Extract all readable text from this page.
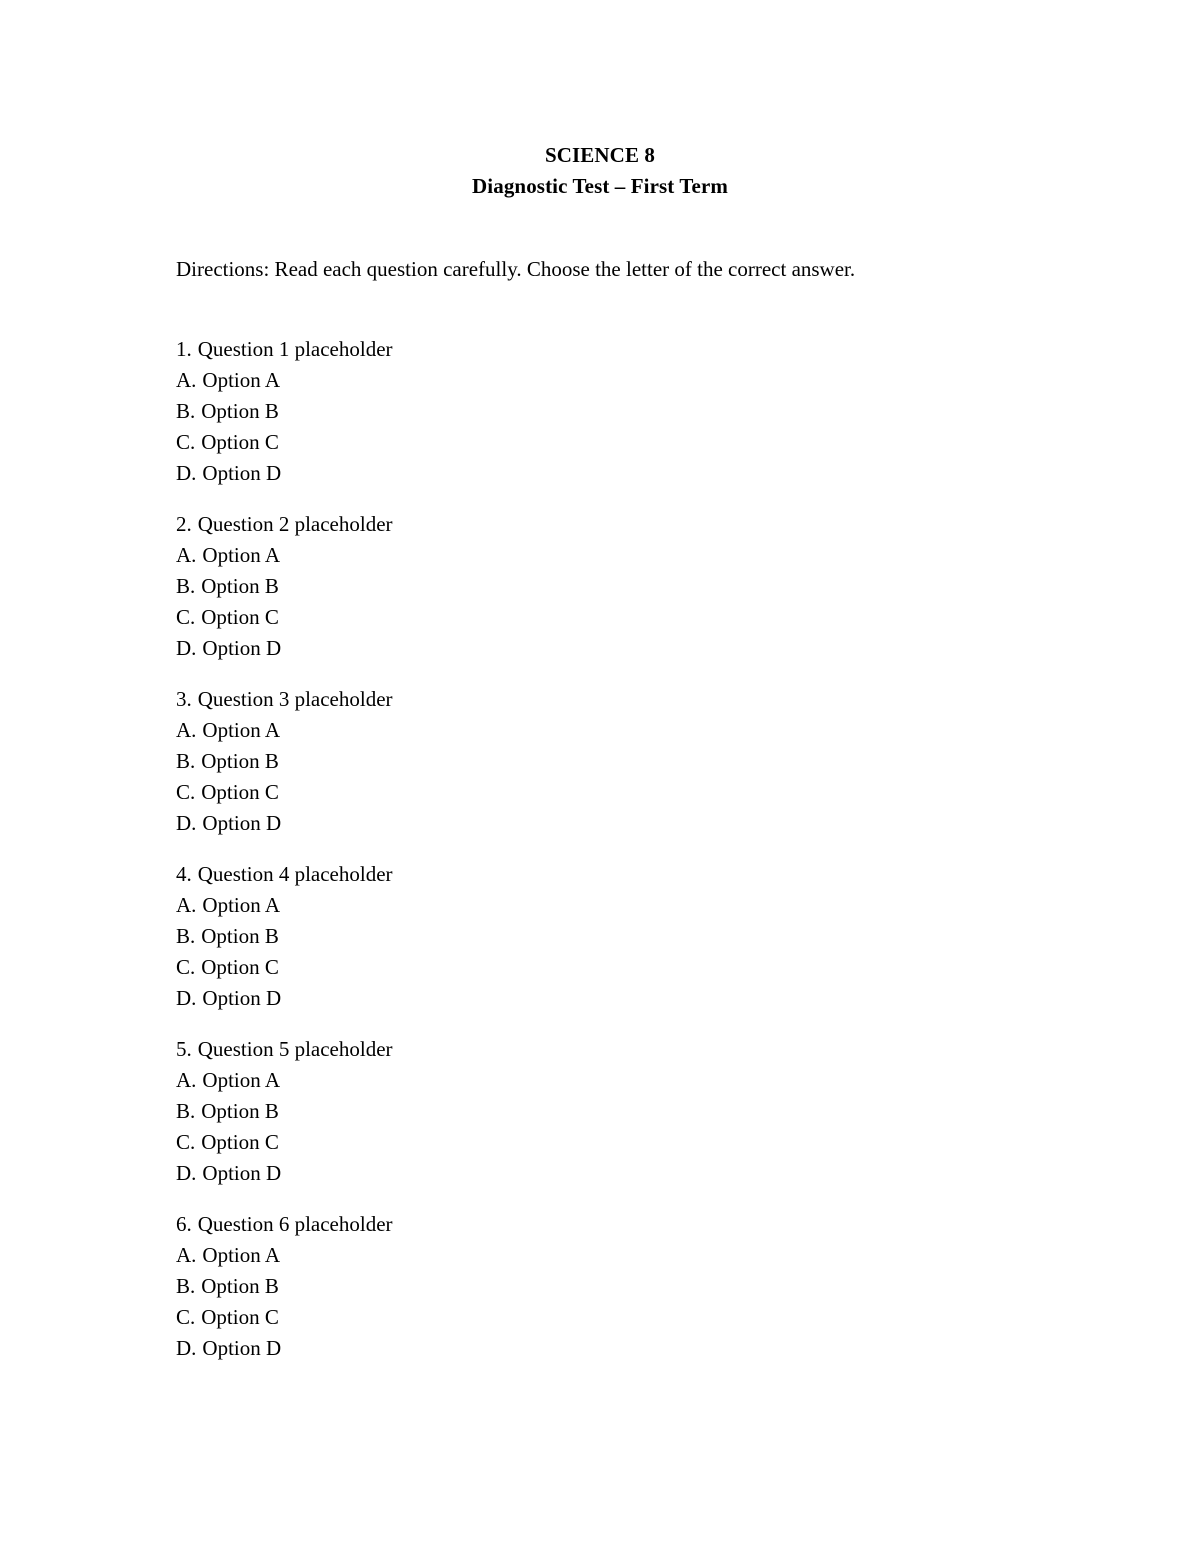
SCIENCE 8
Diagnostic Test – First Term
Directions: Read each question carefully. Choose the letter of the correct answer.
1. Question 1 placeholder
A. Option A
B. Option B
C. Option C
D. Option D
2. Question 2 placeholder
A. Option A
B. Option B
C. Option C
D. Option D
3. Question 3 placeholder
A. Option A
B. Option B
C. Option C
D. Option D
4. Question 4 placeholder
A. Option A
B. Option B
C. Option C
D. Option D
5. Question 5 placeholder
A. Option A
B. Option B
C. Option C
D. Option D
6. Question 6 placeholder
A. Option A
B. Option B
C. Option C
D. Option D
